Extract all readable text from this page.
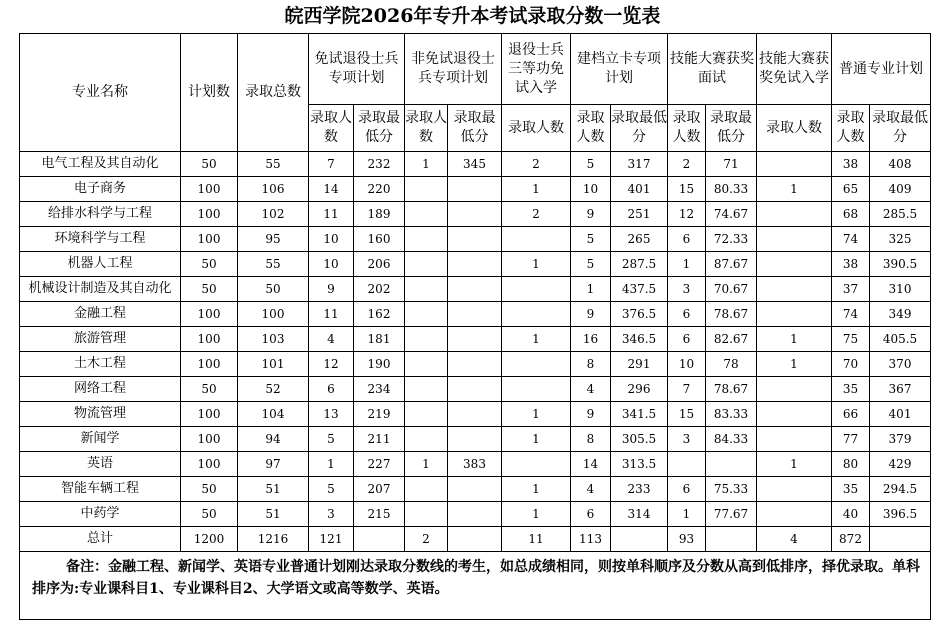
皖西学院2026年专升本考试录取分数一览表
专业名称	计划数	录取总数	免试退役士兵专项计划		非免试退役士兵专项计划		退役士兵三等功免试入学	建档立卡专项计划		技能大赛获奖面试		技能大赛获奖免试入学	普通专业计划	
			录取人数	录取最低分	录取人数	录取最低分	录取人数	录取人数	录取最低分	录取人数	录取最低分	录取人数	录取人数	录取最低分
电气工程及其自动化	50	55	7	232	1	345	2	5	317	2	71		38	408
电子商务	100	106	14	220			1	10	401	15	80.33	1	65	409
给排水科学与工程	100	102	11	189			2	9	251	12	74.67		68	285.5
环境科学与工程	100	95	10	160				5	265	6	72.33		74	325
机器人工程	50	55	10	206			1	5	287.5	1	87.67		38	390.5
机械设计制造及其自动化	50	50	9	202				1	437.5	3	70.67		37	310
金融工程	100	100	11	162				9	376.5	6	78.67		74	349
旅游管理	100	103	4	181			1	16	346.5	6	82.67	1	75	405.5
土木工程	100	101	12	190				8	291	10	78	1	70	370
网络工程	50	52	6	234				4	296	7	78.67		35	367
物流管理	100	104	13	219			1	9	341.5	15	83.33		66	401
新闻学	100	94	5	211			1	8	305.5	3	84.33		77	379
英语	100	97	1	227	1	383		14	313.5			1	80	429
智能车辆工程	50	51	5	207			1	4	233	6	75.33		35	294.5
中药学	50	51	3	215			1	6	314	1	77.67		40	396.5
总计	1200	1216	121		2		11	113		93		4	872	

备注：金融工程、新闻学、英语专业普通计划刚达录取分数线的考生，如总成绩相同，则按单科顺序及分数从高到低排序，择优录取。单科排序为:专业课科目1、专业课科目2、大学语文或高等数学、英语。														
